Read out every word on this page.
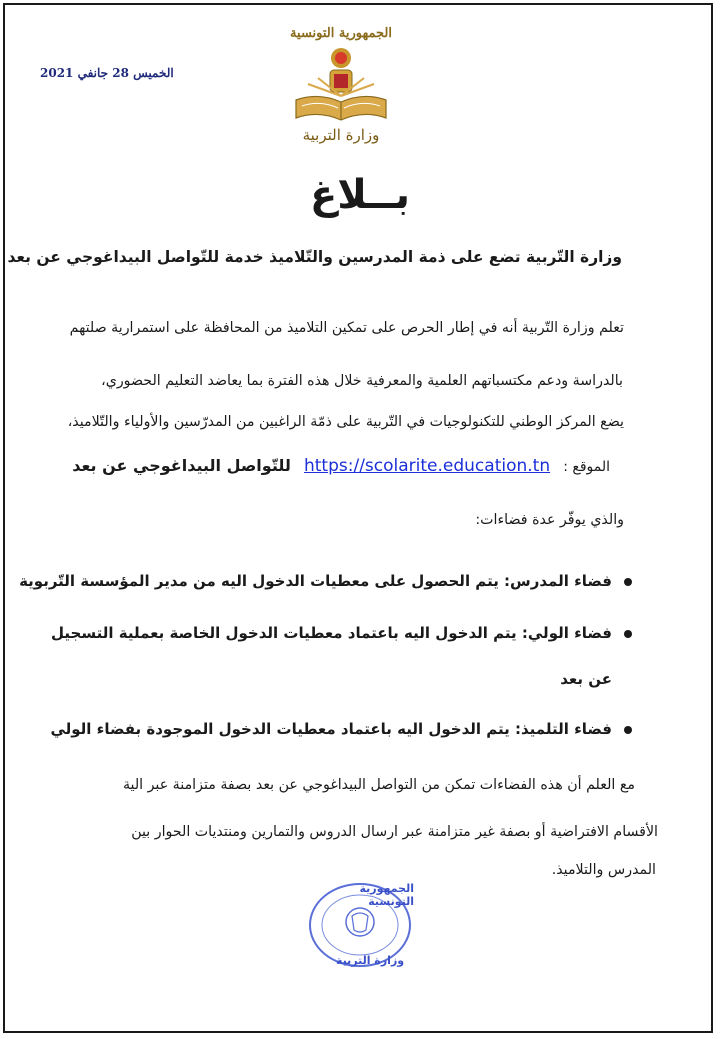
الخميس 28 جانفي 2021
الجمهورية التونسية
وزارة التربية
بــلاغ
وزارة التّربية تضع على ذمة المدرسين والتّلاميذ خدمة للتّواصل البيداغوجي عن بعد
تعلم وزارة التّربية أنه في إطار الحرص على تمكين التلاميذ من المحافظة على استمرارية صلتهم
بالدراسة ودعم مكتسباتهم العلمية والمعرفية خلال هذه الفترة بما يعاضد التعليم الحضوري،
يضع المركز الوطني للتكنولوجيات في التّربية على ذمّة الراغبين من المدرّسين والأولياء والتّلاميذ،
الموقع : https://scolarite.education.tn للتّواصل البيداغوجي عن بعد
والذي يوفّر عدة فضاءات:
فضاء المدرس: يتم الحصول على معطيات الدخول اليه من مدير المؤسسة التّربوية
فضاء الولي: يتم الدخول اليه باعتماد معطيات الدخول الخاصة بعملية التسجيل
عن بعد
فضاء التلميذ: يتم الدخول اليه باعتماد معطيات الدخول الموجودة بفضاء الولي
مع العلم أن هذه الفضاءات تمكن من التواصل البيداغوجي عن بعد بصفة متزامنة عبر الية
الأقسام الافتراضية أو بصفة غير متزامنة عبر ارسال الدروس والتمارين ومنتديات الحوار بين
المدرس والتلاميذ.
الجمهورية التونسية
وزارة التربية
